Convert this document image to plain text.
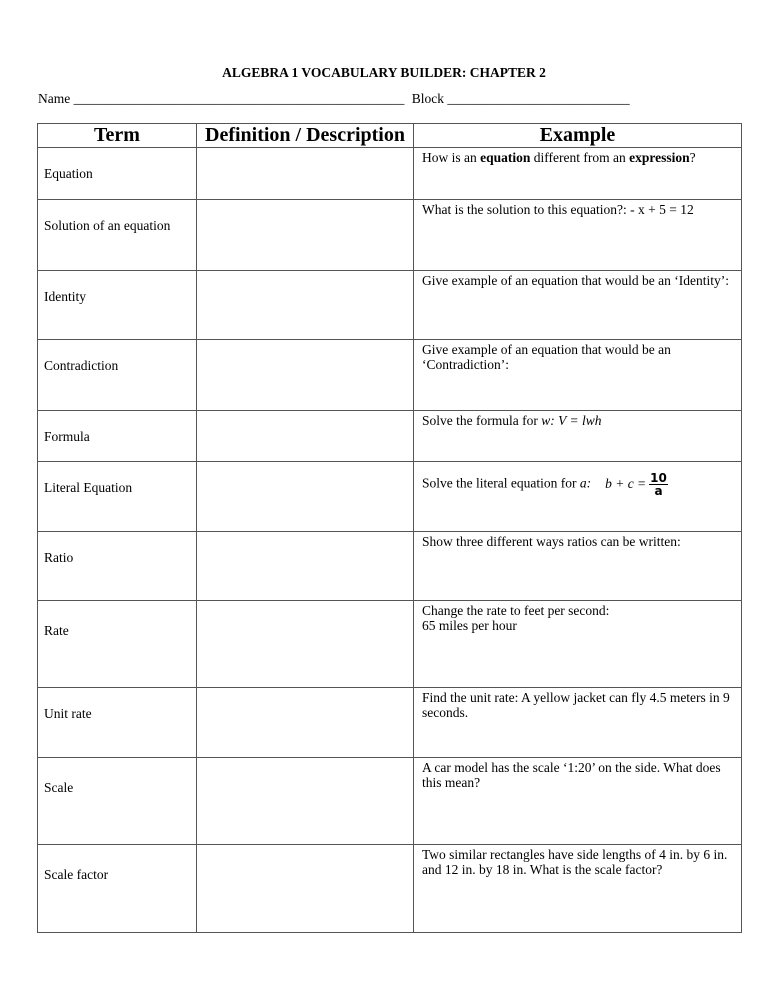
ALGEBRA 1 VOCABULARY BUILDER: CHAPTER 2
Name _________________________________________________ Block ___________________________
Term	Definition / Description	Example
Equation		How is an equation different from an expression?
Solution of an equation		What is the solution to this equation?: - x + 5 = 12
Identity		Give example of an equation that would be an ‘Identity’:
Contradiction		Give example of an equation that would be an ‘Contradiction’:
Formula		Solve the formula for w: V = lwh
Literal Equation		Solve the literal equation for a: $b + c = \frac{10}{a}$

Ratio		Show three different ways ratios can be written:
Rate		Change the rate to feet per second:
65 miles per hour

Unit rate		Find the unit rate: A yellow jacket can fly 4.5 meters in 9 seconds.
Scale		A car model has the scale ‘1:20’ on the side. What does this mean?
Scale factor		Two similar rectangles have side lengths of 4 in. by 6 in. and 12 in. by 18 in. What is the scale factor?
